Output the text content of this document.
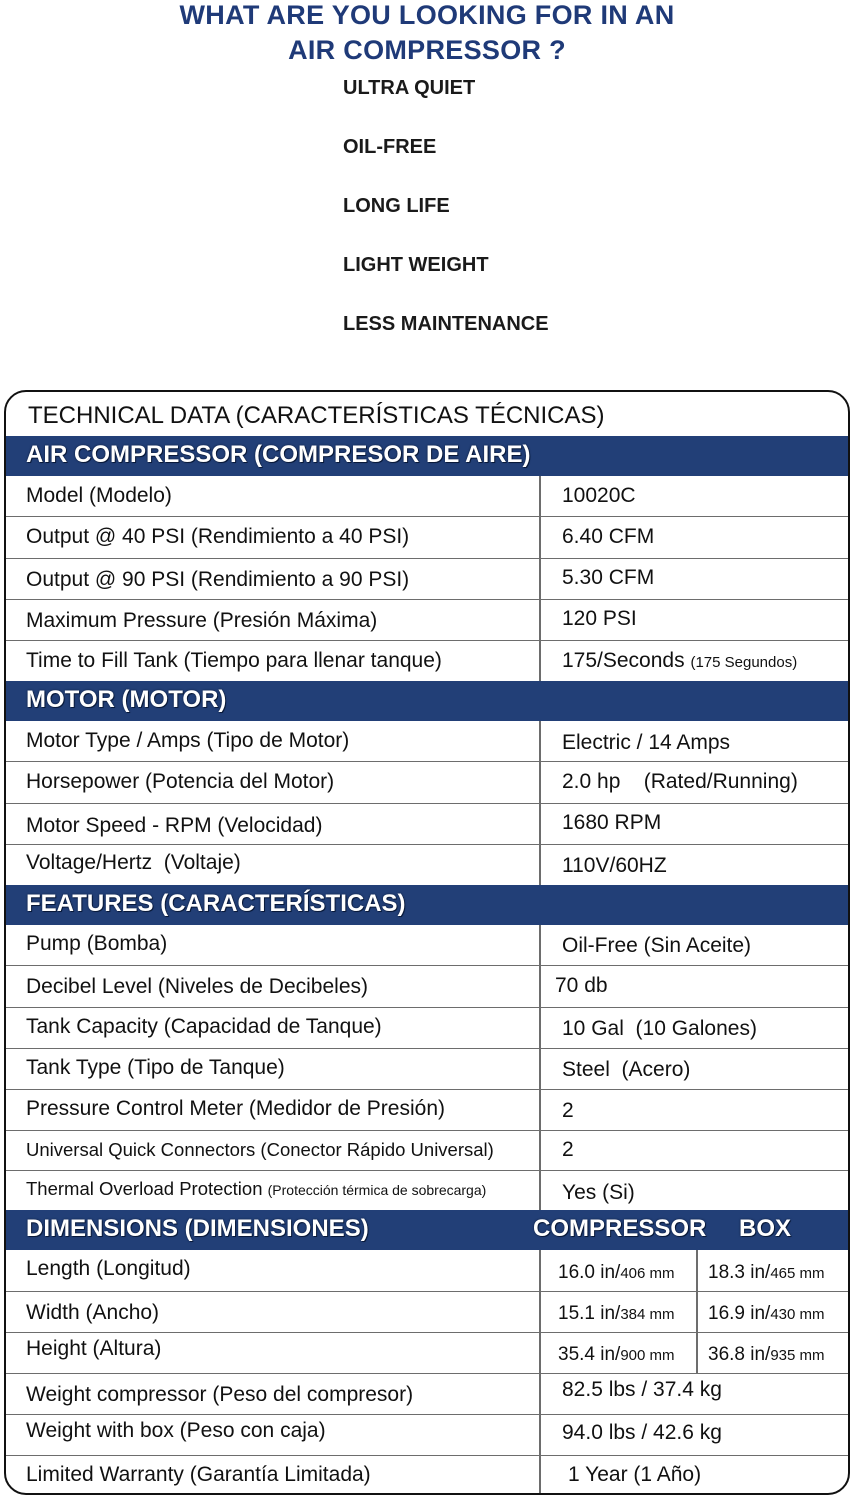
WHAT ARE YOU LOOKING FOR IN AN
AIR COMPRESSOR ?
ULTRA QUIET
OIL-FREE
LONG LIFE
LIGHT WEIGHT
LESS MAINTENANCE
TECHNICAL DATA (CARACTERÍSTICAS TÉCNICAS)
AIR COMPRESSOR (COMPRESOR DE AIRE)
Model (Modelo)	10020C
Output @ 40 PSI (Rendimiento a 40 PSI)	6.40 CFM
Output @ 90 PSI (Rendimiento a 90 PSI)	5.30 CFM
Maximum Pressure (Presión Máxima)	120 PSI
Time to Fill Tank (Tiempo para llenar tanque)	175/Seconds (175 Segundos)
MOTOR (MOTOR)
Motor Type / Amps (Tipo de Motor)	Electric / 14 Amps
Horsepower (Potencia del Motor)	2.0 hp    (Rated/Running)
Motor Speed - RPM (Velocidad)	1680 RPM
Voltage/Hertz  (Voltaje)	110V/60HZ
FEATURES (CARACTERÍSTICAS)
Pump (Bomba)	Oil-Free (Sin Aceite)
Decibel Level (Niveles de Decibeles)	70 db
Tank Capacity (Capacidad de Tanque)	10 Gal  (10 Galones)
Tank Type (Tipo de Tanque)	Steel  (Acero)
Pressure Control Meter (Medidor de Presión)	2
Universal Quick Connectors (Conector Rápido Universal)	2
Thermal Overload Protection (Protección térmica de sobrecarga)	Yes (Si)
DIMENSIONS (DIMENSIONES)	COMPRESSOR BOX
Length (Longitud)	16.0 in/406 mm 18.3 in/465 mm
Width (Ancho)	15.1 in/384 mm 16.9 in/430 mm
Height (Altura)	35.4 in/900 mm 36.8 in/935 mm
Weight compressor (Peso del compresor)	82.5 lbs / 37.4 kg
Weight with box (Peso con caja)	94.0 lbs / 42.6 kg
Limited Warranty (Garantía Limitada)	1 Year (1 Año)
